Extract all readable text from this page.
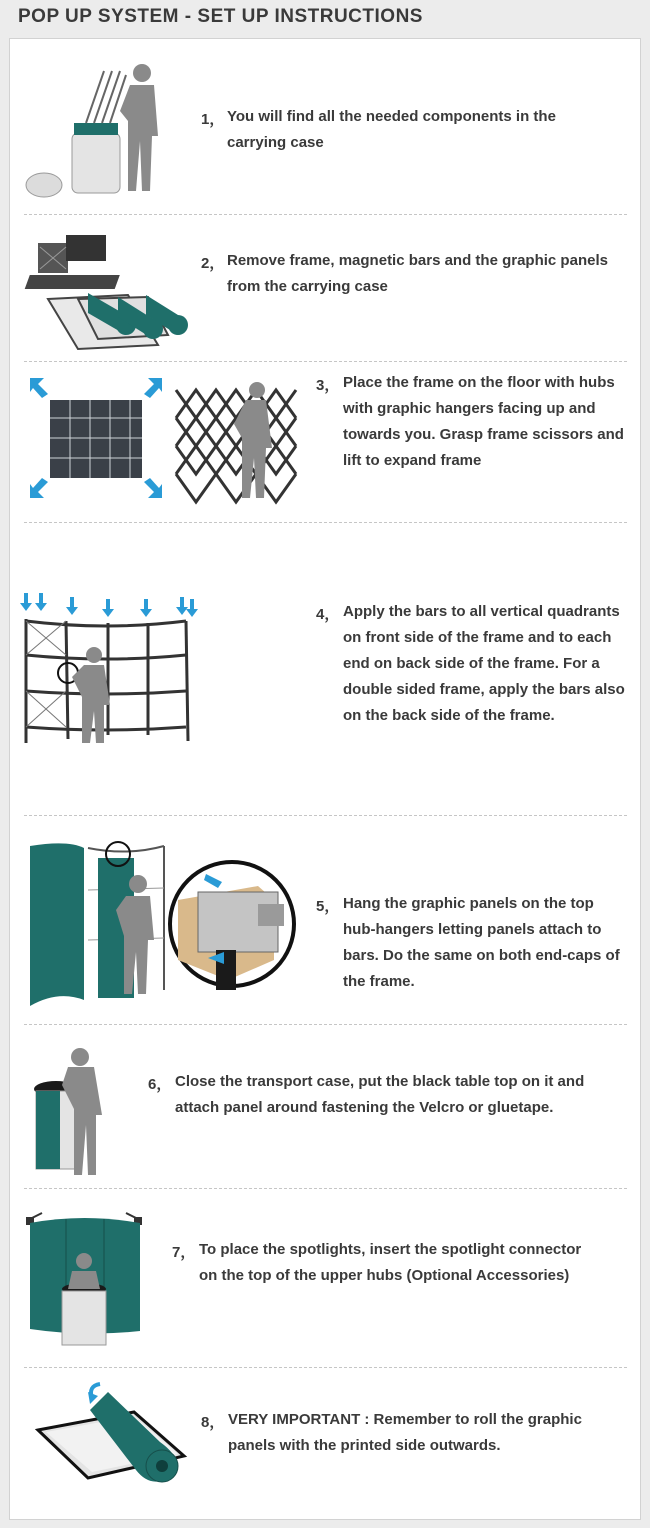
POP UP SYSTEM - SET UP INSTRUCTIONS
1， You will find all the needed components in the carrying case
2， Remove frame, magnetic bars and the graphic panels from the carrying case
3， Place the frame on the floor with hubs with graphic hangers facing up and towards you. Grasp frame scissors and lift to expand frame
4， Apply the bars to all vertical quadrants on front side of the frame and to each end on back side of the frame. For a double sided frame, apply the bars also on the back side of the frame.
5， Hang the graphic panels on the top hub-hangers letting panels attach to bars. Do the same on both end-caps of the frame.
6， Close the transport case, put the black table top on it and attach panel around fastening the Velcro or gluetape.
7， To place the spotlights, insert the spotlight connector on the top of the upper hubs (Optional Accessories)
8， VERY IMPORTANT : Remember to roll the graphic panels with the printed side outwards.
